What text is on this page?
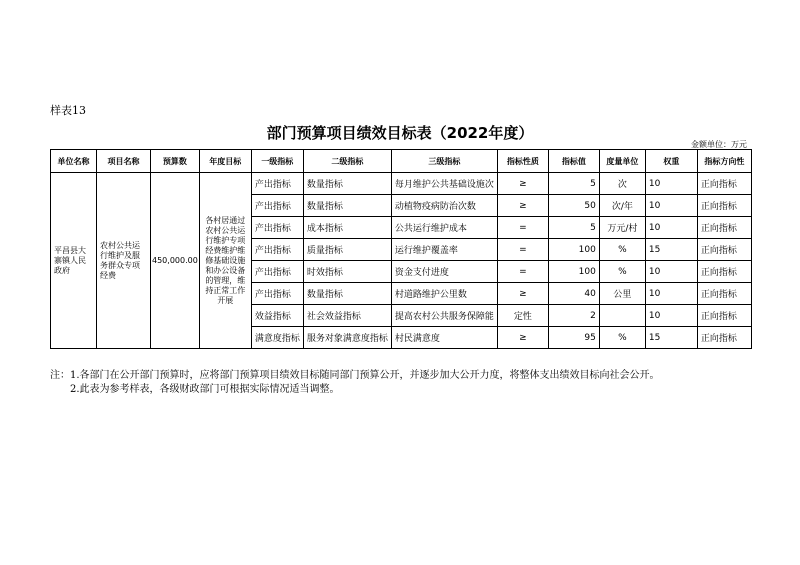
样表13
部门预算项目绩效目标表（2022年度）
金额单位：万元
单位名称	项目名称	预算数	年度目标	一级指标	二级指标	三级指标	指标性质	指标值	度量单位	权重	指标方向性
平昌县大寨镇人民政府	农村公共运行维护及服务群众专项经费	450,000.00	各村居通过农村公共运行维护专项经费维护维修基础设施和办公设备的管理，维持正常工作开展	产出指标	数量指标	每月维护公共基础设施次	≥	5	次	10	正向指标
				产出指标	数量指标	动植物疫病防治次数	≥	50	次/年	10	正向指标
				产出指标	成本指标	公共运行维护成本	=	5	万元/村	10	正向指标
				产出指标	质量指标	运行维护覆盖率	=	100	%	15	正向指标
				产出指标	时效指标	资金支付进度	=	100	%	10	正向指标
				产出指标	数量指标	村道路维护公里数	≥	40	公里	10	正向指标
				效益指标	社会效益指标	提高农村公共服务保障能	定性	2		10	正向指标
				满意度指标	服务对象满意度指标	村民满意度	≥	95	%	15	正向指标
注：1.各部门在公开部门预算时，应将部门预算项目绩效目标随同部门预算公开，并逐步加大公开力度，将整体支出绩效目标向社会公开。
　　2.此表为参考样表，各级财政部门可根据实际情况适当调整。
